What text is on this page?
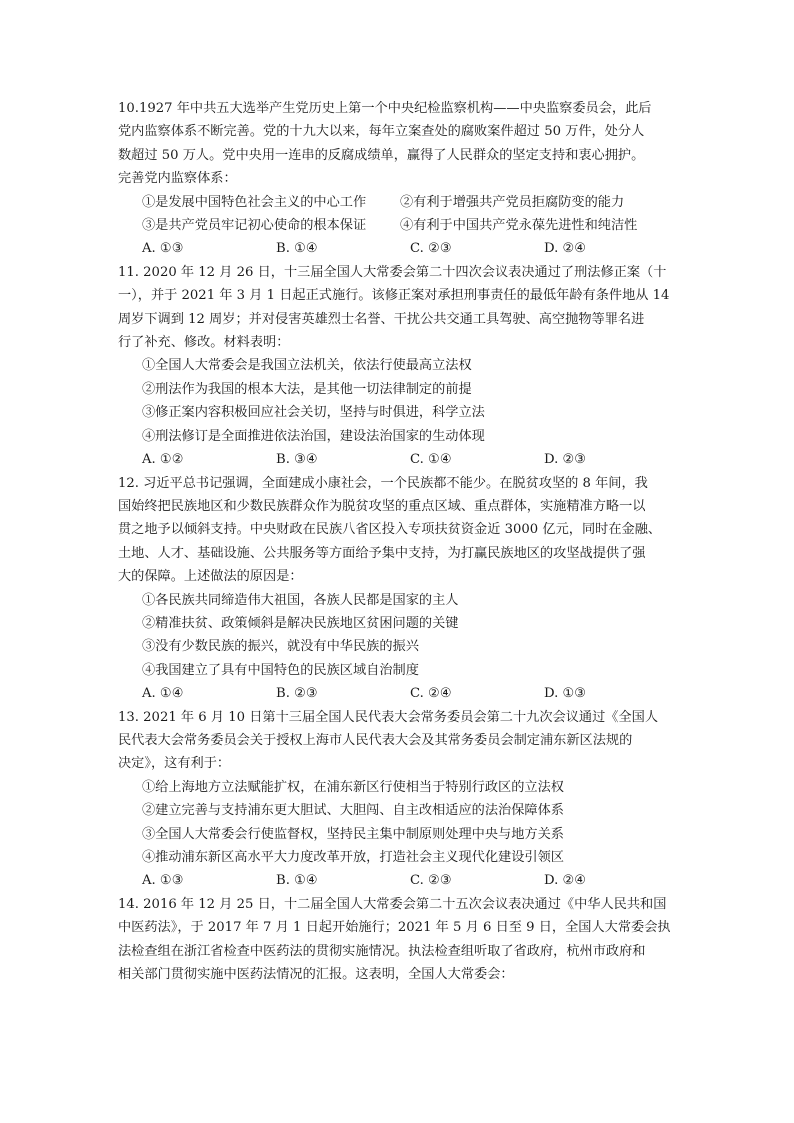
10.1927 年中共五大选举产生党历史上第一个中央纪检监察机构——中央监察委员会，此后

党内监察体系不断完善。党的十九大以来，每年立案查处的腐败案件超过 50 万件，处分人

数超过 50 万人。党中央用一连串的反腐成绩单，赢得了人民群众的坚定支持和衷心拥护。

完善党内监察体系：

①是发展中国特色社会主义的中心工作	②有利于增强共产党员拒腐防变的能力
③是共产党员牢记初心使命的根本保证	④有利于中国共产党永葆先进性和纯洁性
A. ①③	B. ①④	C. ②③	D. ②④

11. 2020 年 12 月 26 日，十三届全国人大常委会第二十四次会议表决通过了刑法修正案（十

一），并于 2021 年 3 月 1 日起正式施行。该修正案对承担刑事责任的最低年龄有条件地从 14

周岁下调到 12 周岁；并对侵害英雄烈士名誉、干扰公共交通工具驾驶、高空抛物等罪名进

行了补充、修改。材料表明：

①全国人大常委会是我国立法机关，依法行使最高立法权

②刑法作为我国的根本大法，是其他一切法律制定的前提

③修正案内容积极回应社会关切，坚持与时俱进，科学立法

④刑法修订是全面推进依法治国，建设法治国家的生动体现

A. ①②	B. ③④	C. ①④	D. ②③

12. 习近平总书记强调，全面建成小康社会，一个民族都不能少。在脱贫攻坚的 8 年间，我

国始终把民族地区和少数民族群众作为脱贫攻坚的重点区域、重点群体，实施精准方略一以

贯之地予以倾斜支持。中央财政在民族八省区投入专项扶贫资金近 3000 亿元，同时在金融、

土地、人才、基础设施、公共服务等方面给予集中支持，为打赢民族地区的攻坚战提供了强

大的保障。上述做法的原因是：

①各民族共同缔造伟大祖国，各族人民都是国家的主人

②精准扶贫、政策倾斜是解决民族地区贫困问题的关键

③没有少数民族的振兴，就没有中华民族的振兴

④我国建立了具有中国特色的民族区域自治制度

A. ①④	B. ②③	C. ②④	D. ①③

13. 2021 年 6 月 10 日第十三届全国人民代表大会常务委员会第二十九次会议通过《全国人

民代表大会常务委员会关于授权上海市人民代表大会及其常务委员会制定浦东新区法规的

决定》，这有利于：

①给上海地方立法赋能扩权，在浦东新区行使相当于特别行政区的立法权

②建立完善与支持浦东更大胆试、大胆闯、自主改相适应的法治保障体系

③全国人大常委会行使监督权，坚持民主集中制原则处理中央与地方关系

④推动浦东新区高水平大力度改革开放，打造社会主义现代化建设引领区

A. ①③	B. ①④	C. ②③	D. ②④

14. 2016 年 12 月 25 日，十二届全国人大常委会第二十五次会议表决通过《中华人民共和国

中医药法》，于 2017 年 7 月 1 日起开始施行；2021 年 5 月 6 日至 9 日，全国人大常委会执

法检查组在浙江省检查中医药法的贯彻实施情况。执法检查组听取了省政府，杭州市政府和

相关部门贯彻实施中医药法情况的汇报。这表明，全国人大常委会：
